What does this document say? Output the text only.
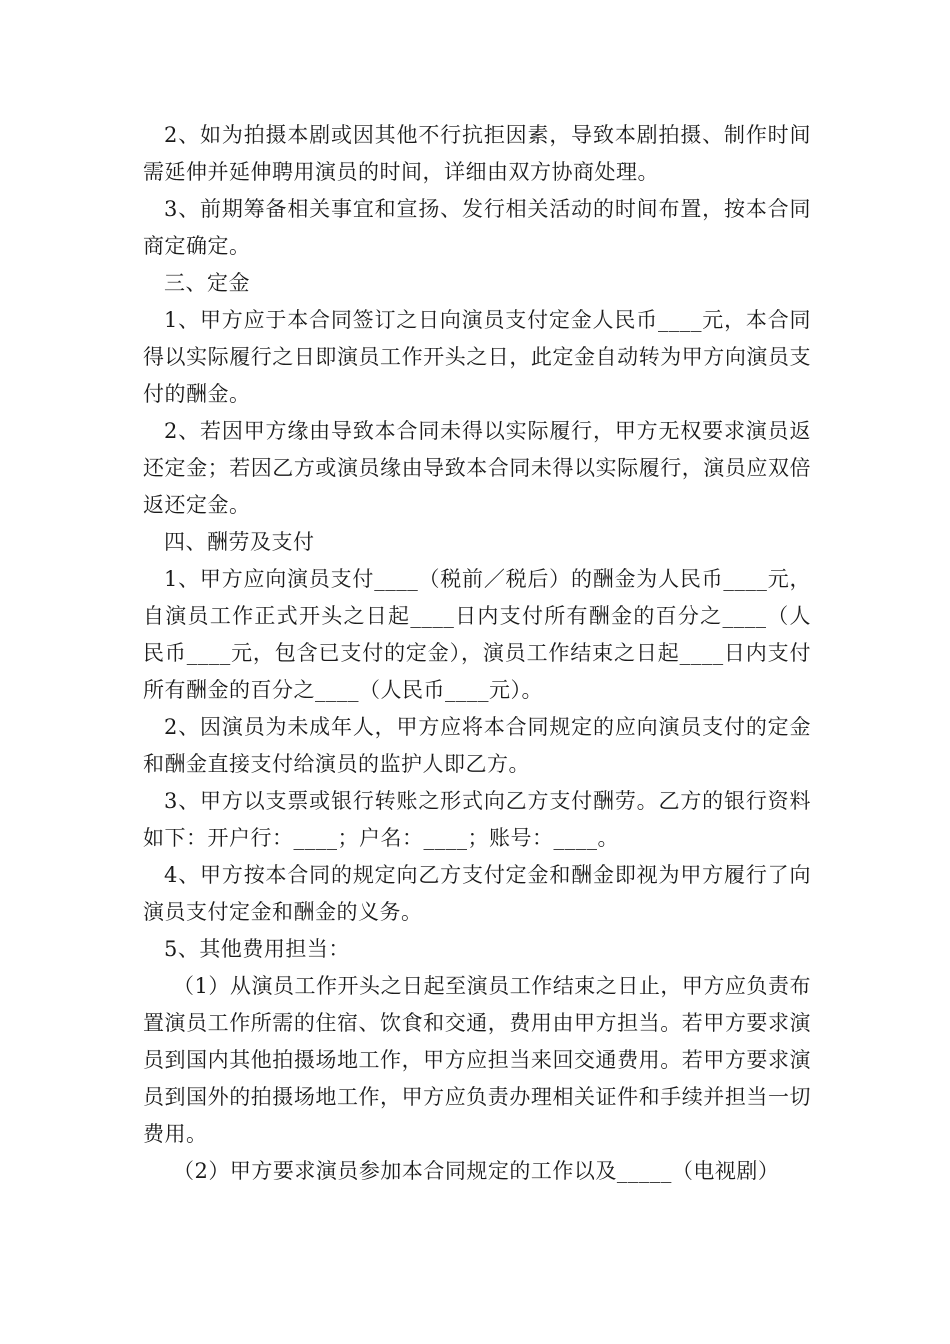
2、如为拍摄本剧或因其他不行抗拒因素，导致本剧拍摄、制作时间需延伸并延伸聘用演员的时间，详细由双方协商处理。

3、前期筹备相关事宜和宣扬、发行相关活动的时间布置，按本合同商定确定。

三、定金

1、甲方应于本合同签订之日向演员支付定金人民币____元，本合同得以实际履行之日即演员工作开头之日，此定金自动转为甲方向演员支付的酬金。

2、若因甲方缘由导致本合同未得以实际履行，甲方无权要求演员返还定金；若因乙方或演员缘由导致本合同未得以实际履行，演员应双倍返还定金。

四、酬劳及支付

1、甲方应向演员支付____（税前／税后）的酬金为人民币____元，自演员工作正式开头之日起____日内支付所有酬金的百分之____（人民币____元，包含已支付的定金），演员工作结束之日起____日内支付所有酬金的百分之____（人民币____元）。

2、因演员为未成年人，甲方应将本合同规定的应向演员支付的定金和酬金直接支付给演员的监护人即乙方。

3、甲方以支票或银行转账之形式向乙方支付酬劳。乙方的银行资料如下：开户行：____；户名：____；账号：____。

4、甲方按本合同的规定向乙方支付定金和酬金即视为甲方履行了向演员支付定金和酬金的义务。

5、其他费用担当：

（1）从演员工作开头之日起至演员工作结束之日止，甲方应负责布置演员工作所需的住宿、饮食和交通，费用由甲方担当。若甲方要求演员到国内其他拍摄场地工作，甲方应担当来回交通费用。若甲方要求演员到国外的拍摄场地工作，甲方应负责办理相关证件和手续并担当一切费用。

（2）甲方要求演员参加本合同规定的工作以及_____（电视剧）
